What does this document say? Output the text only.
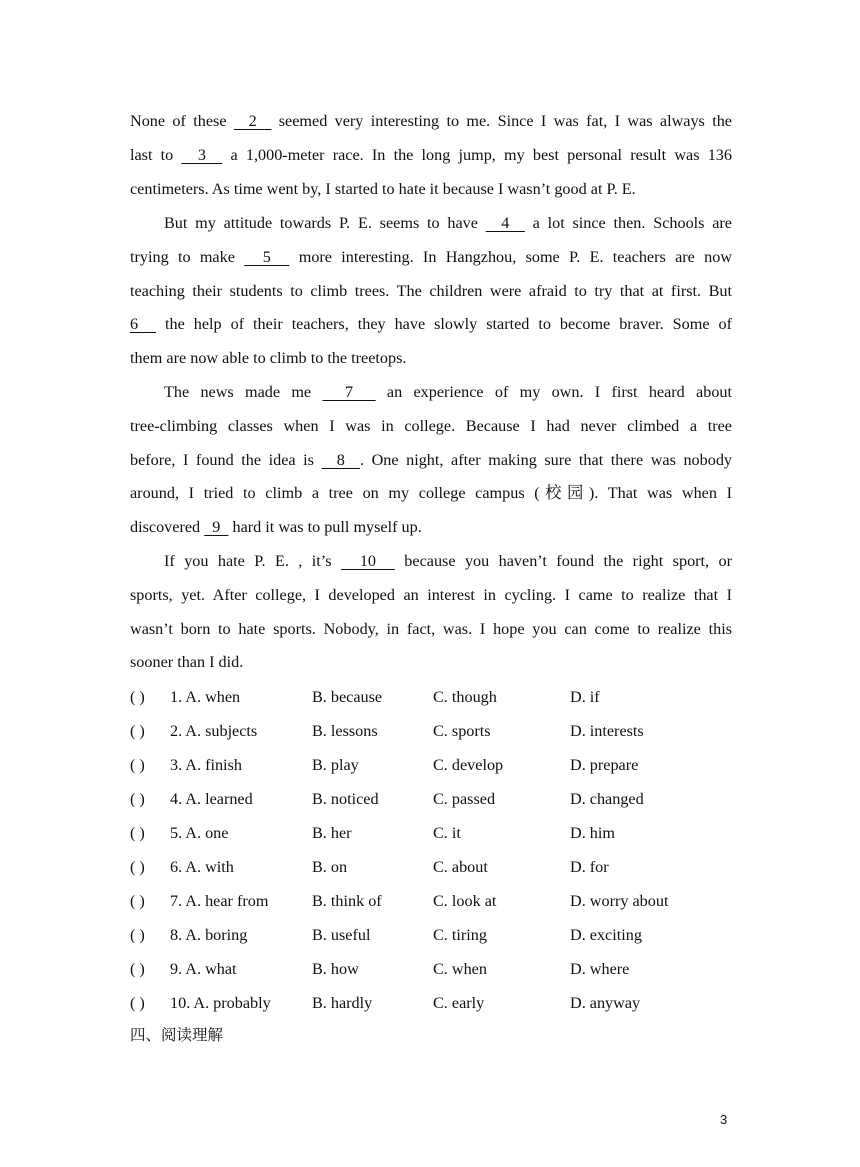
None of these   2   seemed very interesting to me. Since I was fat, I was always the
last to   3   a 1,000-meter race. In the long jump, my best personal result was 136
centimeters. As time went by, I started to hate it because I wasn’t good at P. E.

But my attitude towards P. E. seems to have   4   a lot since then. Schools are
trying to make   5   more interesting. In Hangzhou, some P. E. teachers are now
teaching their students to climb trees. The children were afraid to try that at first. But
6   the help of their teachers, they have slowly started to become braver. Some of
them are now able to climb to the treetops.

The news made me   7   an experience of my own. I first heard about
tree-climbing classes when I was in college. Because I had never climbed a tree
before, I found the idea is   8  . One night, after making sure that there was nobody
around, I tried to climb a tree on my college campus (校园). That was when I
discovered   9   hard it was to pull myself up.

If you hate P. E. , it’s   10   because you haven’t found the right sport, or
sports, yet. After college, I developed an interest in cycling. I came to realize that I
wasn’t born to hate sports. Nobody, in fact, was. I hope you can come to realize this
sooner than I did.

( ) 1. A. when	B. because	C. though	D. if
( ) 2. A. subjects	B. lessons	C. sports	D. interests
( ) 3. A. finish	B. play	C. develop	D. prepare
( ) 4. A. learned	B. noticed	C. passed	D. changed
( ) 5. A. one	B. her	C. it	D. him
( ) 6. A. with	B. on	C. about	D. for
( ) 7. A. hear from	B. think of	C. look at	D. worry about
( ) 8. A. boring	B. useful	C. tiring	D. exciting
( ) 9. A. what	B. how	C. when	D. where
( ) 10. A. probably	B. hardly	C. early	D. anyway
四、阅读理解
3
